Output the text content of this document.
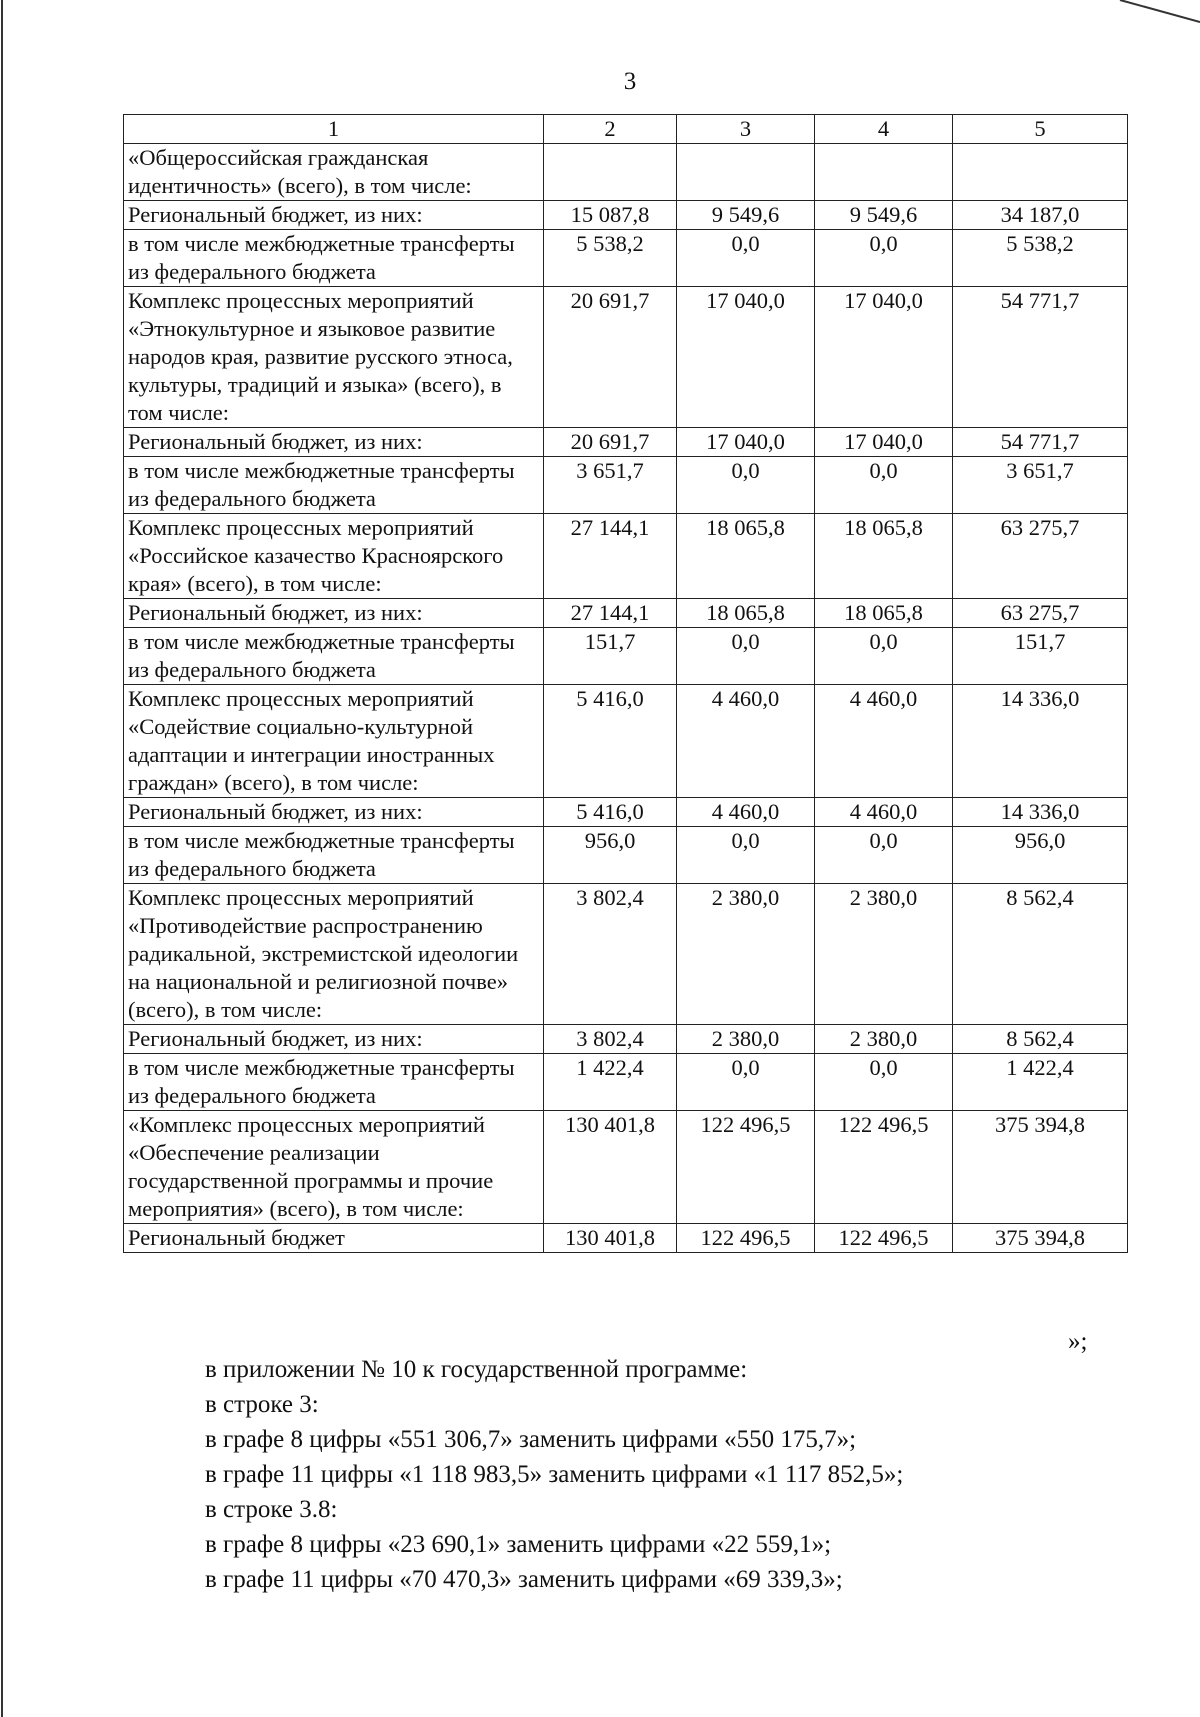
3
1	2	3	4	5
«Общероссийская гражданская идентичность» (всего), в том числе:				
Региональный бюджет, из них:	15 087,8	9 549,6	9 549,6	34 187,0
в том числе межбюджетные трансферты из федерального бюджета	5 538,2	0,0	0,0	5 538,2
Комплекс процессных мероприятий «Этнокультурное и языковое развитие народов края, развитие русского этноса, культуры, традиций и языка» (всего), в том числе:	20 691,7	17 040,0	17 040,0	54 771,7
Региональный бюджет, из них:	20 691,7	17 040,0	17 040,0	54 771,7
в том числе межбюджетные трансферты из федерального бюджета	3 651,7	0,0	0,0	3 651,7
Комплекс процессных мероприятий «Российское казачество Красноярского края» (всего), в том числе:	27 144,1	18 065,8	18 065,8	63 275,7
Региональный бюджет, из них:	27 144,1	18 065,8	18 065,8	63 275,7
в том числе межбюджетные трансферты из федерального бюджета	151,7	0,0	0,0	151,7
Комплекс процессных мероприятий «Содействие социально-культурной адаптации и интеграции иностранных граждан» (всего), в том числе:	5 416,0	4 460,0	4 460,0	14 336,0
Региональный бюджет, из них:	5 416,0	4 460,0	4 460,0	14 336,0
в том числе межбюджетные трансферты из федерального бюджета	956,0	0,0	0,0	956,0
Комплекс процессных мероприятий «Противодействие распространению радикальной, экстремистской идеологии на национальной и религиозной почве» (всего), в том числе:	3 802,4	2 380,0	2 380,0	8 562,4
Региональный бюджет, из них:	3 802,4	2 380,0	2 380,0	8 562,4
в том числе межбюджетные трансферты из федерального бюджета	1 422,4	0,0	0,0	1 422,4
«Комплекс процессных мероприятий «Обеспечение реализации государственной программы и прочие мероприятия» (всего), в том числе:	130 401,8	122 496,5	122 496,5	375 394,8
Региональный бюджет	130 401,8	122 496,5	122 496,5	375 394,8
»;

в приложении № 10 к государственной программе:

в строке 3:

в графе 8 цифры «551 306,7» заменить цифрами «550 175,7»;

в графе 11 цифры «1 118 983,5» заменить цифрами «1 117 852,5»;

в строке 3.8:

в графе 8 цифры «23 690,1» заменить цифрами «22 559,1»;

в графе 11 цифры «70 470,3» заменить цифрами «69 339,3»;
